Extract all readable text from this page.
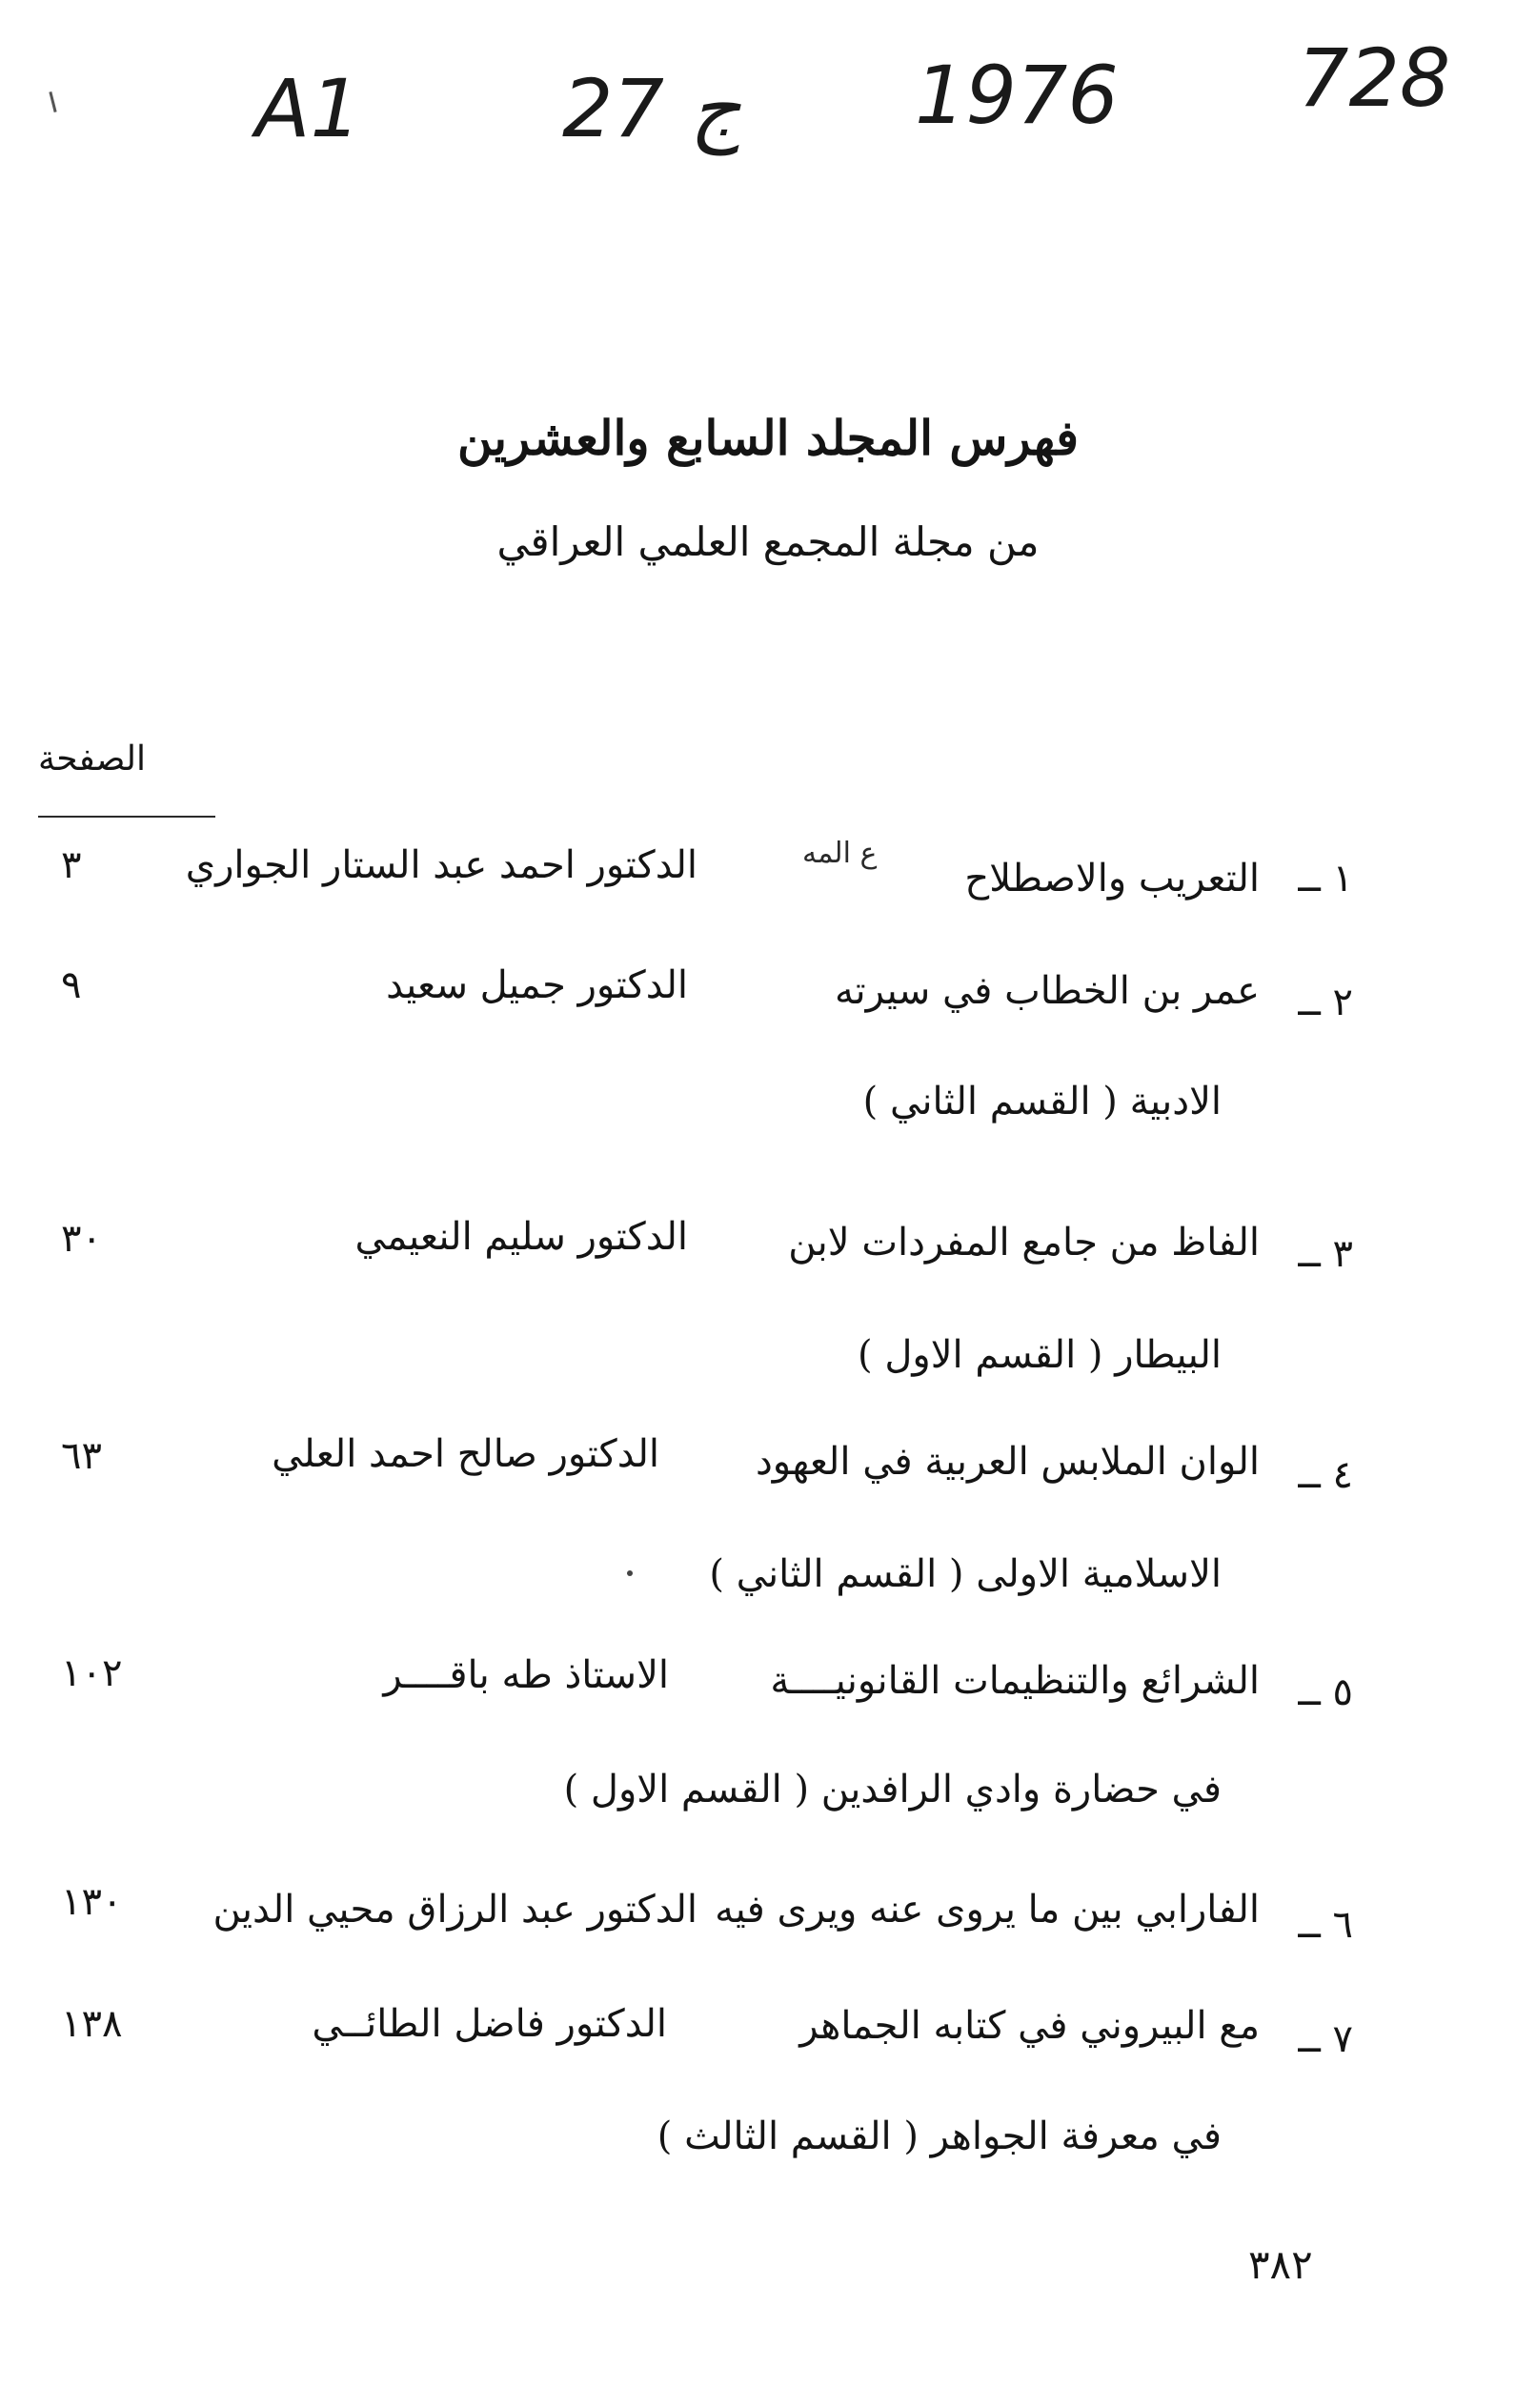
A1	27 ج 1976 728
فهرس المجلد السابع والعشرين
من مجلة المجمع العلمي العراقي
الصفحة
ع المه
١ ــ
التعريب والاصطلاح
الدكتور احمد عبد الستار الجواري
٣
٢ ــ
عمر بن الخطاب في سيرته
الدكتور جميل سعيد
٩
الادبية ( القسم الثاني )
٣ ــ
الفاظ من جامع المفردات لابن
الدكتور سليم النعيمي
٣٠
البيطار ( القسم الاول )
٤ ــ
الوان الملابس العربية في العهود
الدكتور صالح احمد العلي
٦٣
الاسلامية الاولى ( القسم الثاني )
٥ ــ
الشرائع والتنظيمات القانونيــــة
الاستاذ طه باقــــر
١٠٢
في حضارة وادي الرافدين ( القسم الاول )
٦ ــ
الفارابي بين ما يروى عنه ويرى فيه
الدكتور عبد الرزاق محيي الدين
١٣٠
٧ ــ
مع البيروني في كتابه الجماهر
الدكتور فاضل الطائــي
١٣٨
في معرفة الجواهر ( القسم الثالث )
٣٨٢
